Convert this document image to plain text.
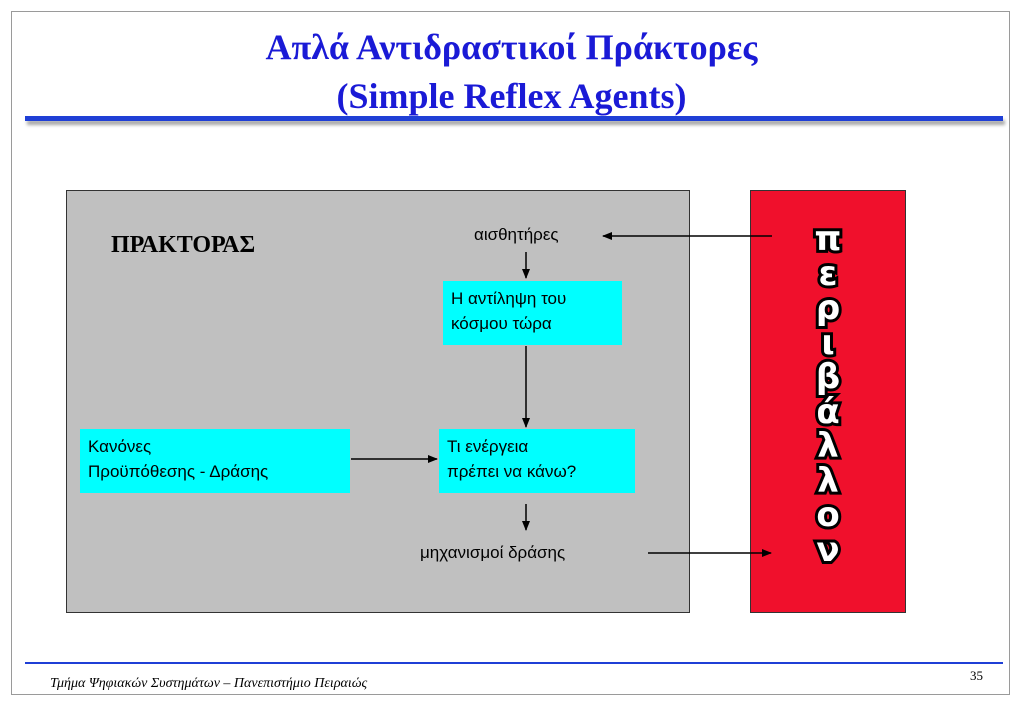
Απλά Αντιδραστικοί Πράκτορες
(Simple Reflex Agents)
ΠΡΑΚΤΟΡΑΣ	αισθητήρες
Η αντίληψη του
κόσμου τώρα
Κανόνες
Προϋπόθεσης - Δράσης
Τι ενέργεια
πρέπει να κάνω?
μηχανισμοί δράσης
π
ε
ρ
ι
β
ά
λ
λ
ο
ν
Τμήμα Ψηφιακών Συστημάτων – Πανεπιστήμιο Πειραιώς
35
